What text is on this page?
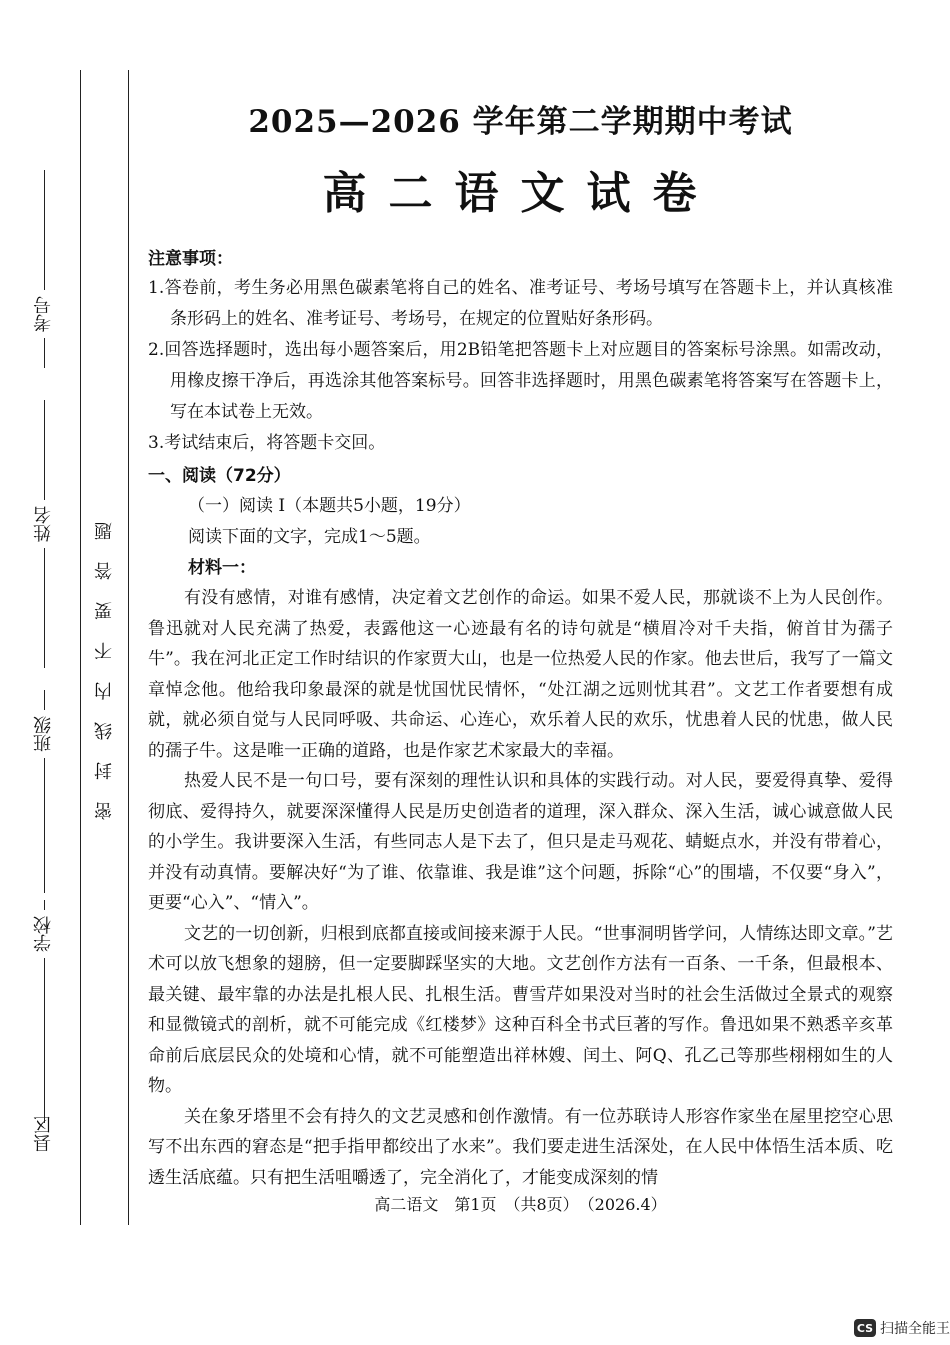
考号
姓名
班级
学校
县区
密封线内不要答题
2025—2026 学年第二学期期中考试
高二语文试卷
注意事项：

1.答卷前，考生务必用黑色碳素笔将自己的姓名、准考证号、考场号填写在答题卡上，并认真核准条形码上的姓名、准考证号、考场号，在规定的位置贴好条形码。

2.回答选择题时，选出每小题答案后，用2B铅笔把答题卡上对应题目的答案标号涂黑。如需改动，用橡皮擦干净后，再选涂其他答案标号。回答非选择题时，用黑色碳素笔将答案写在答题卡上，写在本试卷上无效。

3.考试结束后，将答题卡交回。

一、阅读（72分）

（一）阅读 I（本题共5小题，19分）

阅读下面的文字，完成1～5题。

材料一：

有没有感情，对谁有感情，决定着文艺创作的命运。如果不爱人民，那就谈不上为人民创作。鲁迅就对人民充满了热爱，表露他这一心迹最有名的诗句就是“横眉冷对千夫指，俯首甘为孺子牛”。我在河北正定工作时结识的作家贾大山，也是一位热爱人民的作家。他去世后，我写了一篇文章悼念他。他给我印象最深的就是忧国忧民情怀，“处江湖之远则忧其君”。文艺工作者要想有成就，就必须自觉与人民同呼吸、共命运、心连心，欢乐着人民的欢乐，忧患着人民的忧患，做人民的孺子牛。这是唯一正确的道路，也是作家艺术家最大的幸福。

热爱人民不是一句口号，要有深刻的理性认识和具体的实践行动。对人民，要爱得真挚、爱得彻底、爱得持久，就要深深懂得人民是历史创造者的道理，深入群众、深入生活，诚心诚意做人民的小学生。我讲要深入生活，有些同志人是下去了，但只是走马观花、蜻蜓点水，并没有带着心，并没有动真情。要解决好“为了谁、依靠谁、我是谁”这个问题，拆除“心”的围墙，不仅要“身入”，更要“心入”、“情入”。

文艺的一切创新，归根到底都直接或间接来源于人民。“世事洞明皆学问，人情练达即文章。”艺术可以放飞想象的翅膀，但一定要脚踩坚实的大地。文艺创作方法有一百条、一千条，但最根本、最关键、最牢靠的办法是扎根人民、扎根生活。曹雪芹如果没对当时的社会生活做过全景式的观察和显微镜式的剖析，就不可能完成《红楼梦》这种百科全书式巨著的写作。鲁迅如果不熟悉辛亥革命前后底层民众的处境和心情，就不可能塑造出祥林嫂、闰土、阿Q、孔乙己等那些栩栩如生的人物。

关在象牙塔里不会有持久的文艺灵感和创作激情。有一位苏联诗人形容作家坐在屋里挖空心思写不出东西的窘态是“把手指甲都绞出了水来”。我们要走进生活深处，在人民中体悟生活本质、吃透生活底蕴。只有把生活咀嚼透了，完全消化了，才能变成深刻的情

高二语文　第1页　（共8页）　（2026.4）
CS 扫描全能王
